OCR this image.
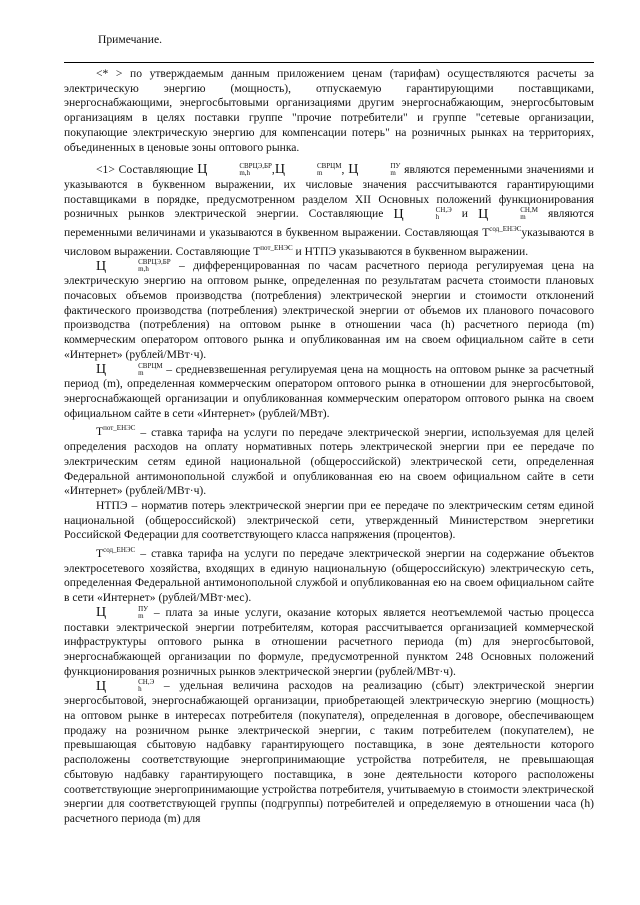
Примечание.

<* > по утверждаемым данным приложением ценам (тарифам) осуществляются расчеты за электрическую энергию (мощность), отпускаемую гарантирующими поставщиками, энергоснабжающими, энергосбытовыми организациями другим энергоснабжающим, энергосбытовым организациям в целях поставки группе "прочие потребители" и группе "сетевые организации, покупающие электрическую энергию для компенсации потерь" на розничных рынках на территориях, объединенных в ценовые зоны оптового рынка.

<1> Составляющие Ц	СВРЦЭ,БР
m,h	,Ц	СВРЦМ
m	, Ц	ПУ
m являются переменными значениями и указываются в буквенном выражении, их числовые значения рассчитываются гарантирующими поставщиками в порядке, предусмотренном разделом XII Основных положений функционирования розничных рынков электрической энергии. Составляющие Ц	СН,Э
h	и Ц	СН,М
m	являются переменными величинами и указываются в буквенном выражении. Составляющая $Т^{сод\_ЕНЭС}указываются$ в числовом выражении. Составляющие $Т^{пот\_ЕНЭС}$ и НТПЭ указываются в буквенном выражении.

Ц	СВРЦЭ,БР
m,h	– дифференцированная по часам расчетного периода регулируемая цена на электрическую энергию на оптовом рынке, определенная по результатам расчета стоимости плановых почасовых объемов производства (потребления) электрической энергии и стоимости отклонений фактического производства (потребления) электрической энергии от объемов их планового почасового производства (потребления) на оптовом рынке в отношении часа (h) расчетного периода (m) коммерческим оператором оптового рынка и опубликованная им на своем официальном сайте в сети «Интернет» (рублей/МВт·ч).

Ц	СВРЦМ
m	– средневзвешенная регулируемая цена на мощность на оптовом рынке за расчетный период (m), определенная коммерческим оператором оптового рынка в отношении для энергосбытовой, энергоснабжающей организации и опубликованная коммерческим оператором оптового рынка на своем официальном сайте в сети «Интернет» (рублей/МВт).

$Т^{пот\_ЕНЭС}$ – ставка тарифа на услуги по передаче электрической энергии, используемая для целей определения расходов на оплату нормативных потерь электрической энергии при ее передаче по электрическим сетям единой национальной (общероссийской) электрической сети, определенная Федеральной антимонопольной службой и опубликованная ею на своем официальном сайте в сети «Интернет» (рублей/МВт·ч).

НТПЭ – норматив потерь электрической энергии при ее передаче по электрическим сетям единой национальной (общероссийской) электрической сети, утвержденный Министерством энергетики Российской Федерации для соответствующего класса напряжения (процентов).

$Т^{сод\_ЕНЭС}$ – ставка тарифа на услуги по передаче электрической энергии на содержание объектов электросетевого хозяйства, входящих в единую национальную (общероссийскую) электрическую сеть, определенная Федеральной антимонопольной службой и опубликованная ею на своем официальном сайте в сети «Интернет» (рублей/МВт·мес).

Ц	ПУ
m – плата за иные услуги, оказание которых является неотъемлемой частью процесса поставки электрической энергии потребителям, которая рассчитывается организацией коммерческой инфраструктуры оптового рынка в отношении расчетного периода (m) для энергосбытовой, энергоснабжающей организации по формуле, предусмотренной пунктом 248 Основных положений функционирования розничных рынков электрической энергии (рублей/МВт·ч).

Ц	СН,Э
h	– удельная величина расходов на реализацию (сбыт) электрической энергии энергосбытовой, энергоснабжающей организации, приобретающей электрическую энергию (мощность) на оптовом рынке в интересах потребителя (покупателя), определенная в договоре, обеспечивающем продажу на розничном рынке электрической энергии, с таким потребителем (покупателем), не превышающая сбытовую надбавку гарантирующего поставщика, в зоне деятельности которого расположены соответствующие энергопринимающие устройства потребителя, не превышающая сбытовую надбавку гарантирующего поставщика, в зоне деятельности которого расположены соответствующие энергопринимающие устройства потребителя, учитываемую в стоимости электрической энергии для соответствующей группы (подгруппы) потребителей и определяемую в отношении часа (h) расчетного периода (m) для
